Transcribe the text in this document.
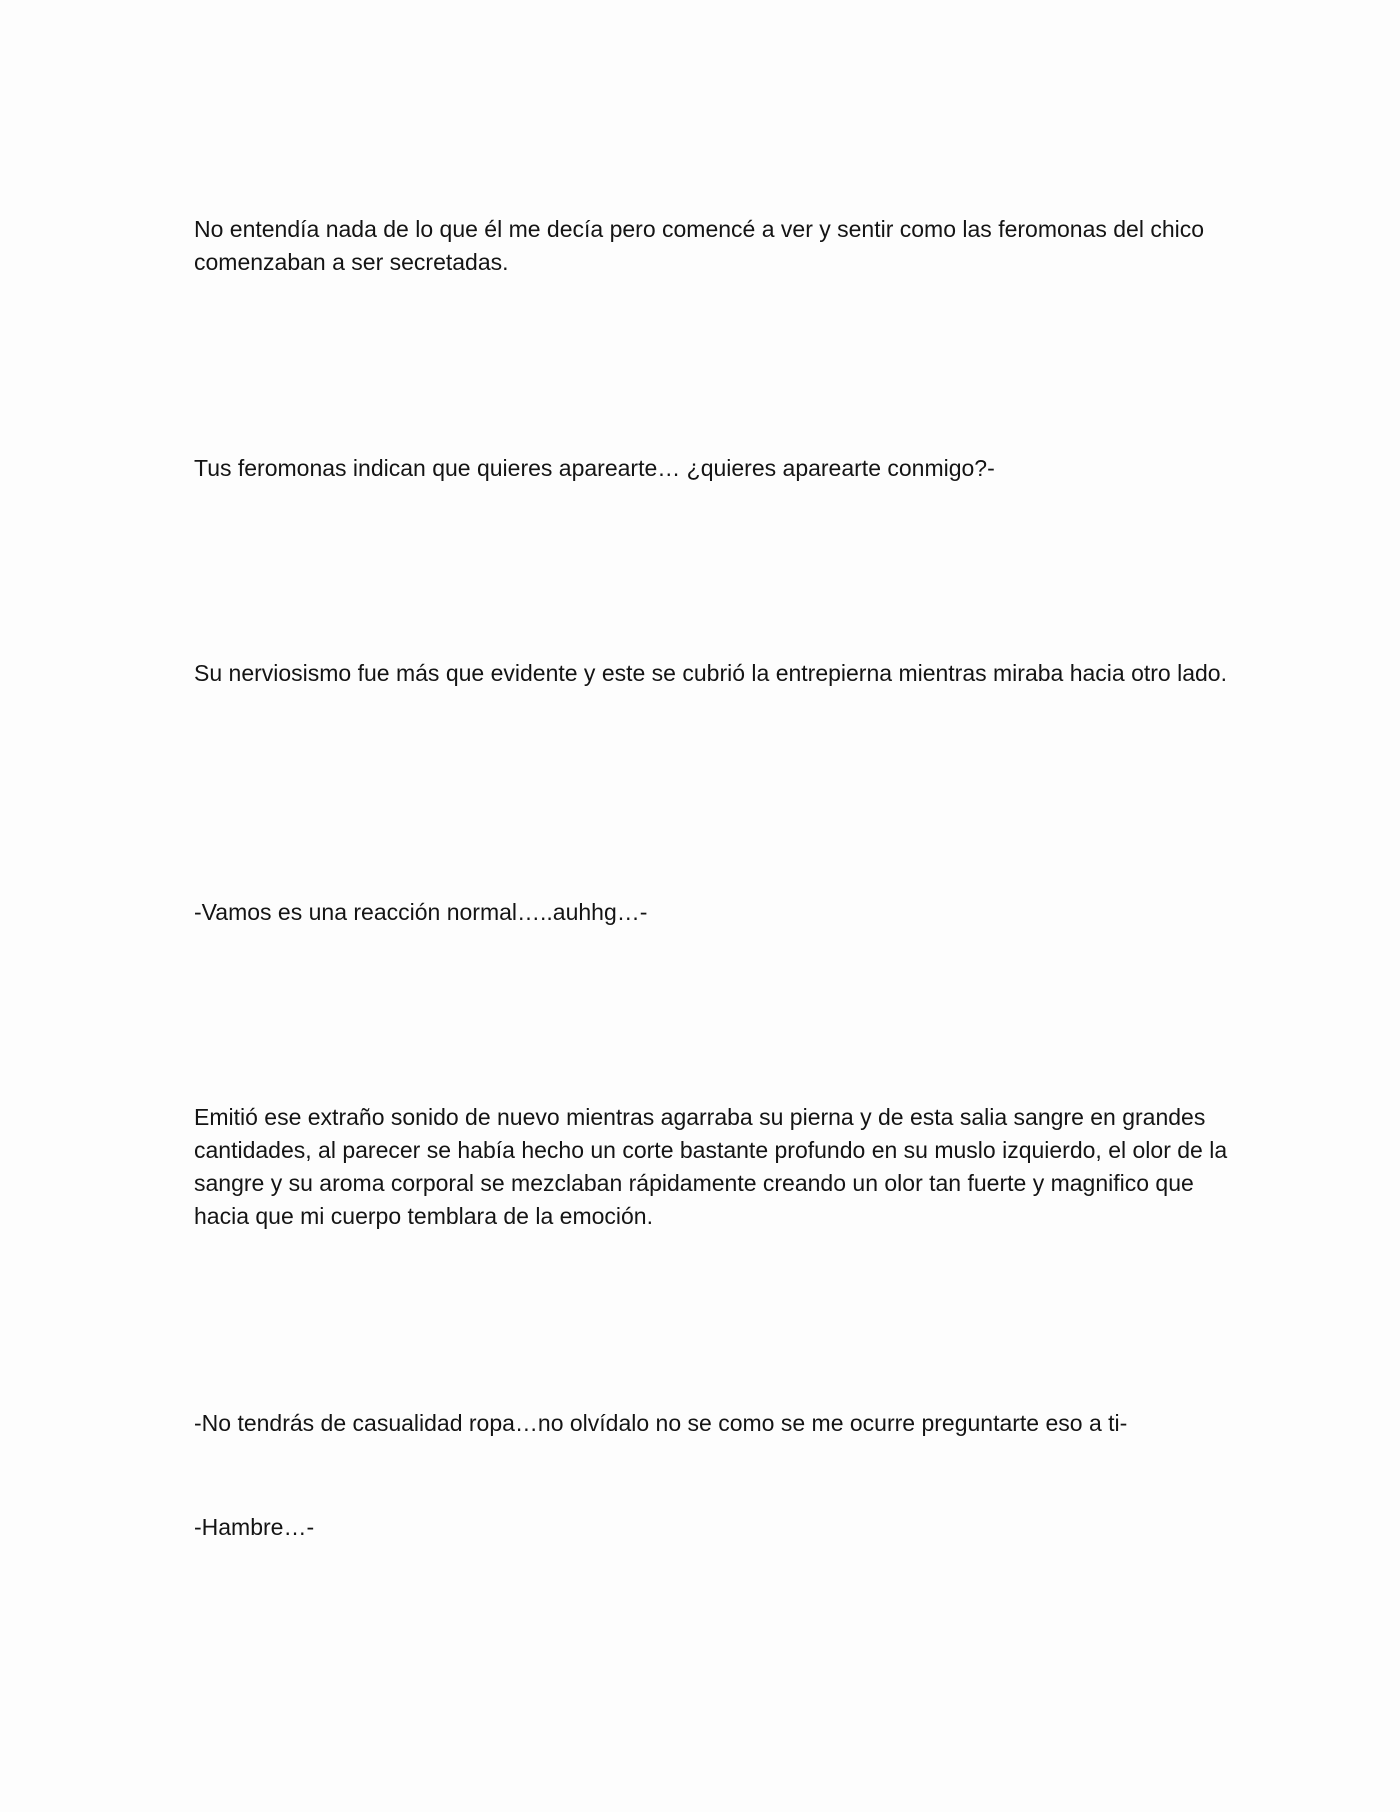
No entendía nada de lo que él me decía pero comencé a ver y sentir como las feromonas del chico comenzaban a ser secretadas.

Tus feromonas indican que quieres aparearte… ¿quieres aparearte conmigo?-

Su nerviosismo fue más que evidente y este se cubrió la entrepierna mientras miraba hacia otro lado.

-Vamos es una reacción normal…..auhhg…-

Emitió ese extraño sonido de nuevo mientras agarraba su pierna y de esta salia sangre en grandes cantidades, al parecer se había hecho un corte bastante profundo en su muslo izquierdo, el olor de la sangre y su aroma corporal se mezclaban rápidamente creando un olor tan fuerte y magnifico que hacia que mi cuerpo temblara de la emoción.

-No tendrás de casualidad ropa…no olvídalo no se como se me ocurre preguntarte eso a ti-

-Hambre…-
